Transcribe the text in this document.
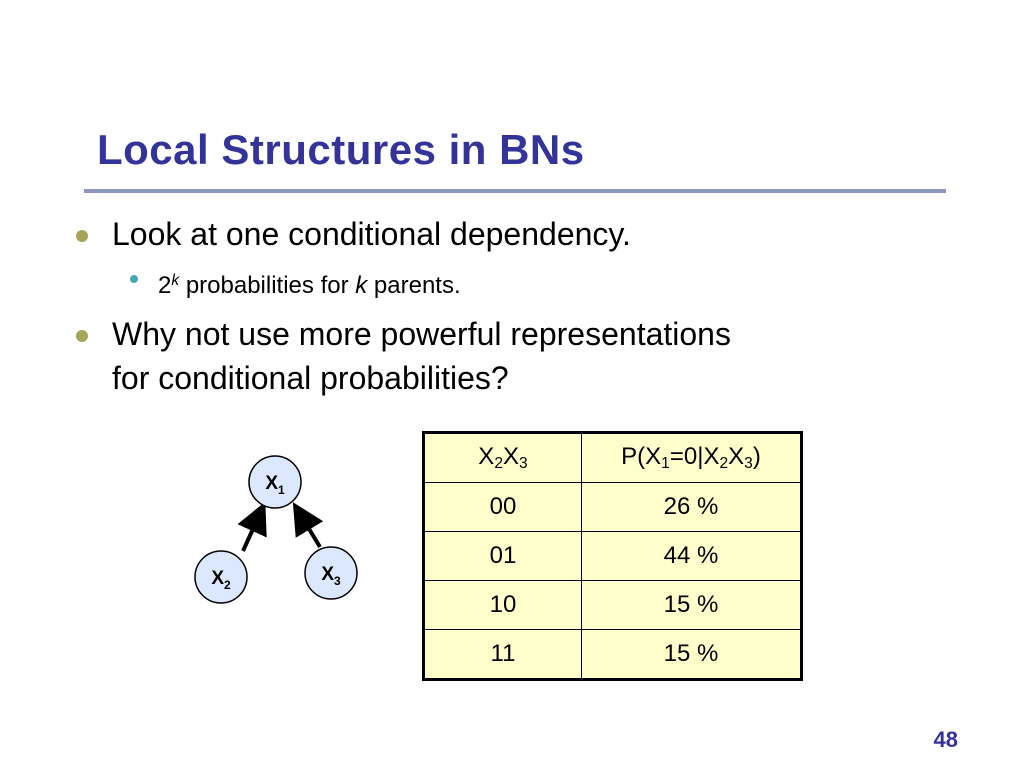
Local Structures in BNs
Look at one conditional dependency.
2$^k$ probabilities for k parents.
Why not use more powerful representations
for conditional probabilities?
$X_1$
$X_2$	$X_3$
$X_2X_3$	$P(X_1=0|X_2X_3)$
00	26 %
01	44 %
10	15 %
11	15 %
48
